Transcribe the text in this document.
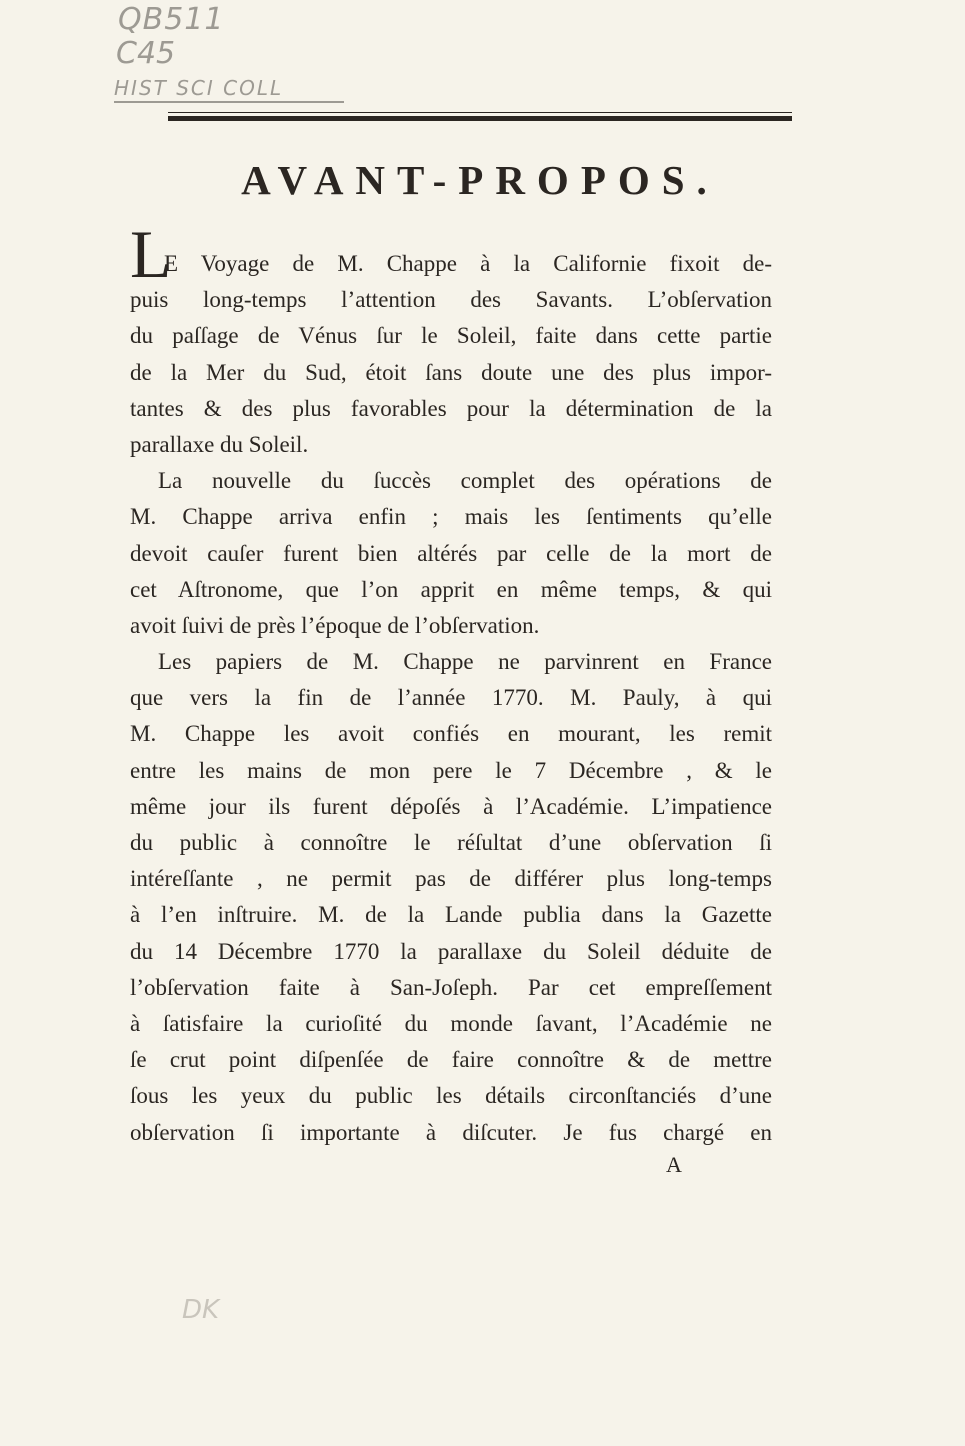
QB511
C45
HIST SCI COLL
AVANT-PROPOS.
L
E Voyage de M. Chappe à la Californie fixoit de-
puis long-temps l’attention des Savants. L’obſervation
du paſſage de Vénus ſur le Soleil, faite dans cette partie
de la Mer du Sud, étoit ſans doute une des plus impor-
tantes & des plus favorables pour la détermination de la
parallaxe du Soleil.
La nouvelle du ſuccès complet des opérations de
M. Chappe arriva enfin ; mais les ſentiments qu’elle
devoit cauſer furent bien altérés par celle de la mort de
cet Aſtronome, que l’on apprit en même temps, & qui
avoit ſuivi de près l’époque de l’obſervation.
Les papiers de M. Chappe ne parvinrent en France
que vers la fin de l’année 1770. M. Pauly, à qui
M. Chappe les avoit confiés en mourant, les remit
entre les mains de mon pere le 7 Décembre , & le
même jour ils furent dépoſés à l’Académie. L’impatience
du public à connoître le réſultat d’une obſervation ſi
intéreſſante , ne permit pas de différer plus long-temps
à l’en inſtruire. M. de la Lande publia dans la Gazette
du 14 Décembre 1770 la parallaxe du Soleil déduite de
l’obſervation faite à San-Joſeph. Par cet empreſſement
à ſatisfaire la curioſité du monde ſavant, l’Académie ne
ſe crut point diſpenſée de faire connoître & de mettre
ſous les yeux du public les détails circonſtanciés d’une
obſervation ſi importante à diſcuter. Je fus chargé en
A
DK
